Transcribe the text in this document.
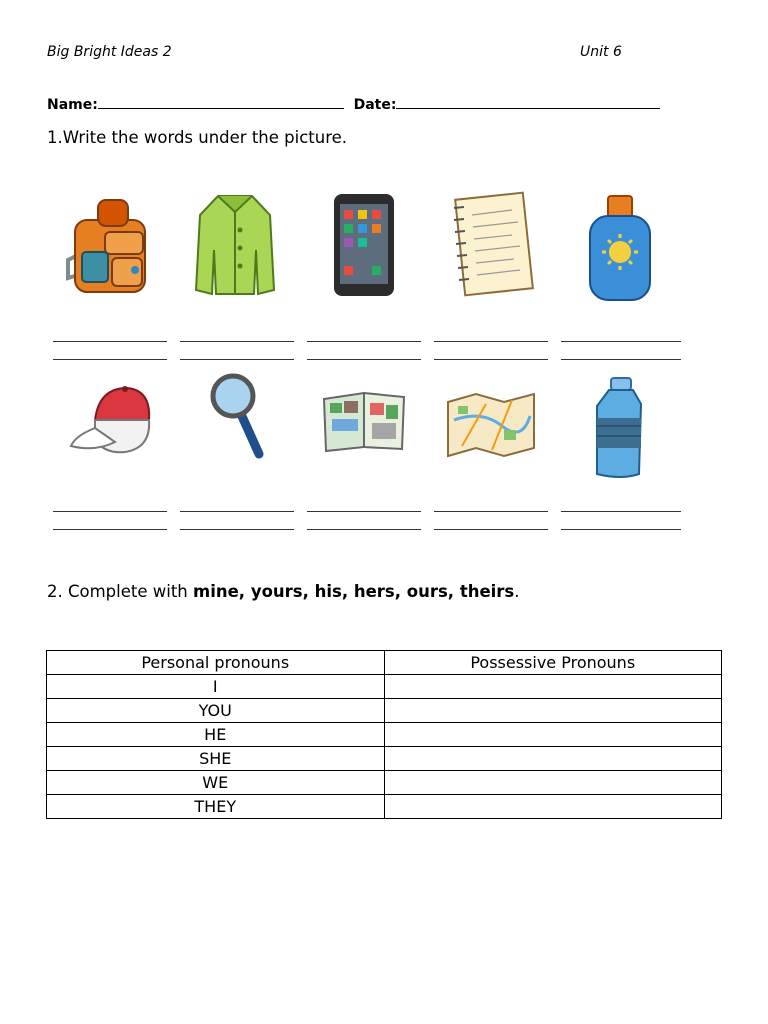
Big Bright Ideas 2	Unit 6
Name:	Date:
1.Write the words under the picture.
2. Complete with mine, yours, his, hers, ours, theirs.
Personal pronouns	Possessive Pronouns
I	
YOU	
HE	
SHE	
WE	
THEY	
